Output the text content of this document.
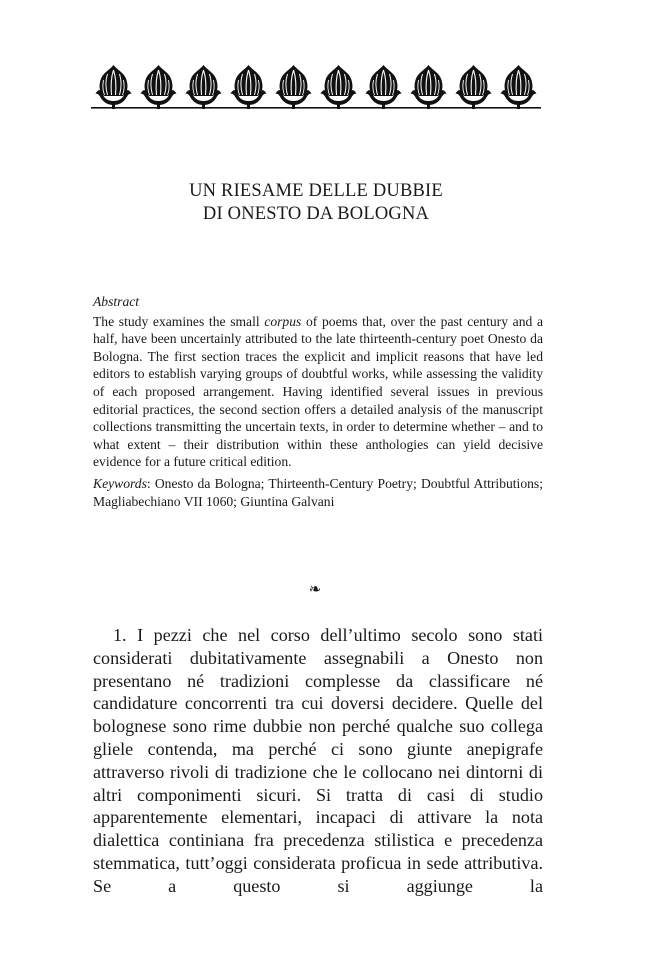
UN RIESAME DELLE DUBBIE
DI ONESTO DA BOLOGNA
Abstract

The study examines the small corpus of poems that, over the past century and a half, have been uncertainly attributed to the late thirteenth-century poet Onesto da Bologna. The first section traces the explicit and implicit reasons that have led editors to establish varying groups of doubtful works, while assessing the validity of each proposed arrangement. Having identified several issues in previous editorial practices, the second section offers a detailed analysis of the manuscript collections transmitting the uncertain texts, in order to determine whether – and to what extent – their distribution within these anthologies can yield decisive evidence for a future critical edition.

Keywords: Onesto da Bologna; Thirteenth-Century Poetry; Doubtful Attributions; Magliabechiano VII 1060; Giuntina Galvani

❧

1. I pezzi che nel corso dell’ultimo secolo sono stati considerati dubitativamente assegnabili a Onesto non presentano né tradizioni complesse da classificare né candidature concorrenti tra cui doversi decidere. Quelle del bolognese sono rime dubbie non perché qualche suo collega gliele contenda, ma perché ci sono giunte anepigrafe attraverso rivoli di tradizione che le collocano nei dintorni di altri componimenti sicuri. Si tratta di casi di studio apparentemente elementari, incapaci di attivare la nota dialettica continiana fra precedenza stilistica e precedenza stemmatica, tutt’oggi considerata proficua in sede attributiva. Se a questo si aggiunge la
